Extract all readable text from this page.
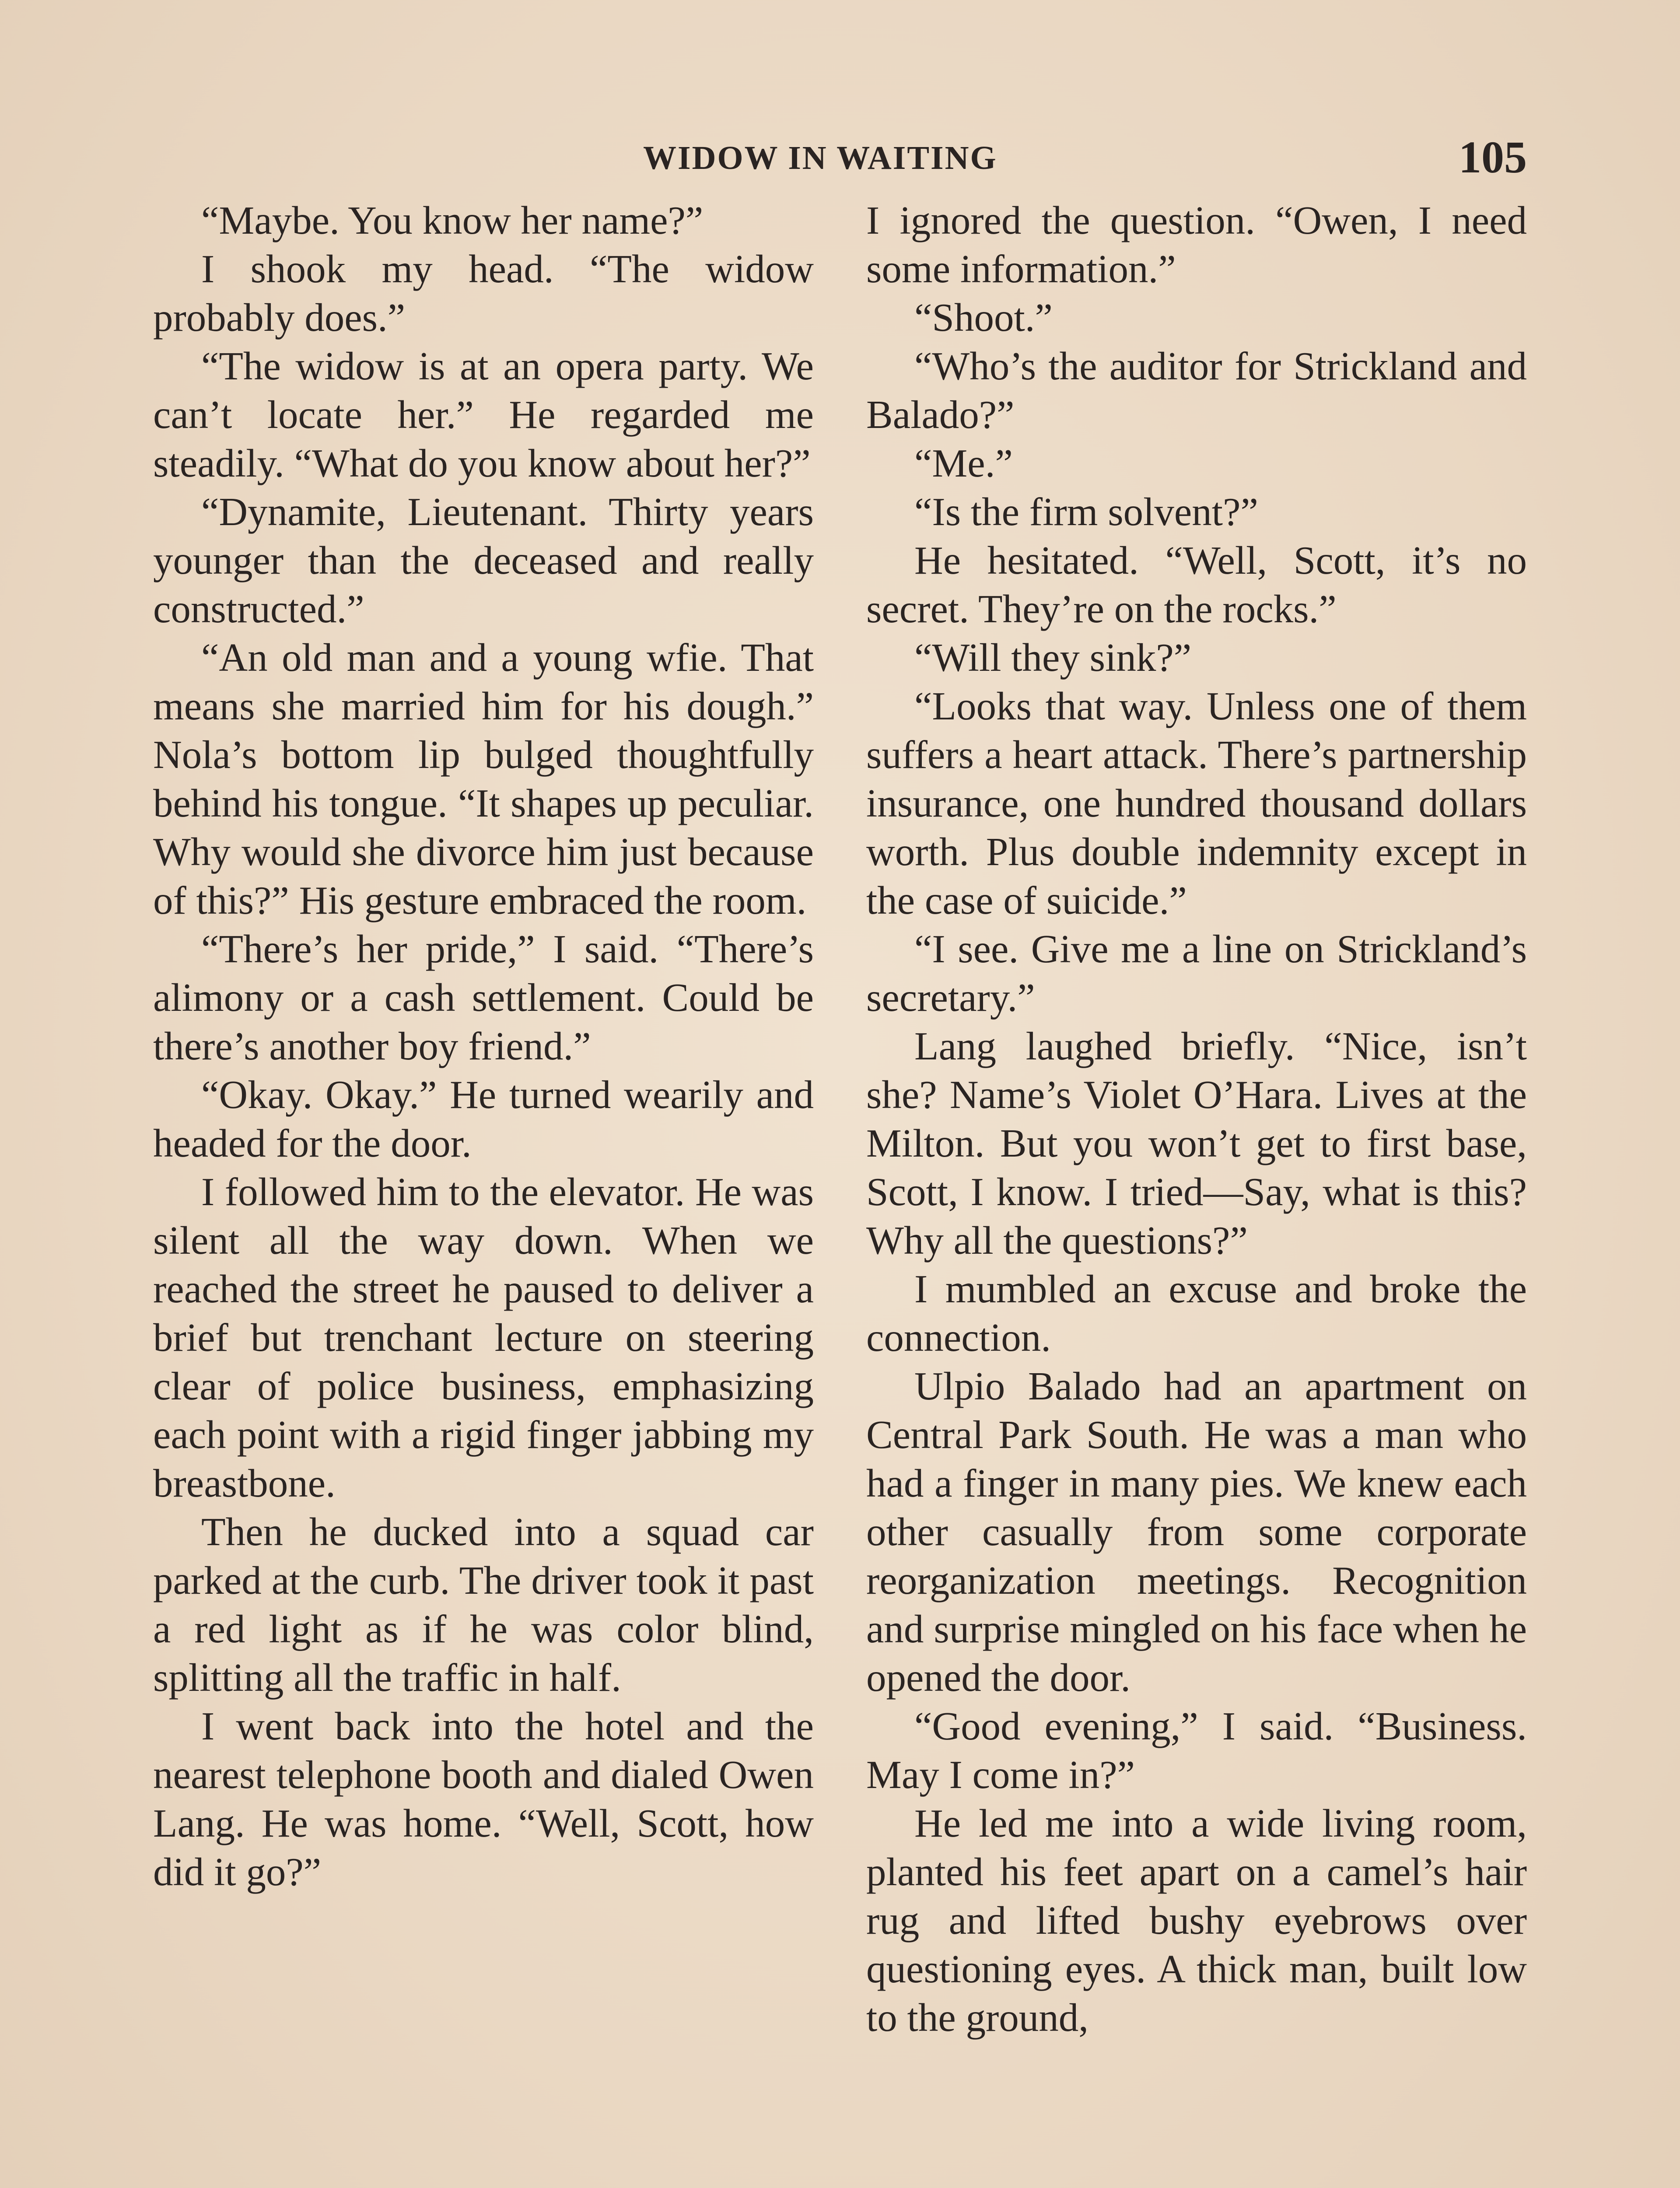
WIDOW IN WAITING	105

“Maybe. You know her name?”

I shook my head. “The widow probably does.”

“The widow is at an opera party. We can’t locate her.” He regarded me steadily. “What do you know about her?”

“Dynamite, Lieutenant. Thirty years younger than the deceased and really constructed.”

“An old man and a young wfie. That means she married him for his dough.” Nola’s bottom lip bulged thoughtfully behind his tongue. “It shapes up peculiar. Why would she divorce him just because of this?” His gesture embraced the room.

“There’s her pride,” I said. “There’s alimony or a cash settlement. Could be there’s another boy friend.”

“Okay. Okay.” He turned wearily and headed for the door.

I followed him to the elevator. He was silent all the way down. When we reached the street he paused to deliver a brief but trenchant lecture on steering clear of police business, emphasizing each point with a rigid finger jabbing my breastbone.

Then he ducked into a squad car parked at the curb. The driver took it past a red light as if he was color blind, splitting all the traffic in half.

I went back into the hotel and the nearest telephone booth and dialed Owen Lang. He was home. “Well, Scott, how did it go?”

I ignored the question. “Owen, I need some information.”

“Shoot.”

“Who’s the auditor for Strickland and Balado?”

“Me.”

“Is the firm solvent?”

He hesitated. “Well, Scott, it’s no secret. They’re on the rocks.”

“Will they sink?”

“Looks that way. Unless one of them suffers a heart attack. There’s partnership insurance, one hundred thousand dollars worth. Plus double indemnity except in the case of suicide.”

“I see. Give me a line on Strickland’s secretary.”

Lang laughed briefly. “Nice, isn’t she? Name’s Violet O’Hara. Lives at the Milton. But you won’t get to first base, Scott, I know. I tried—Say, what is this? Why all the questions?”

I mumbled an excuse and broke the connection.

Ulpio Balado had an apartment on Central Park South. He was a man who had a finger in many pies. We knew each other casually from some corporate reorganization meetings. Recognition and surprise mingled on his face when he opened the door.

“Good evening,” I said. “Business. May I come in?”

He led me into a wide living room, planted his feet apart on a camel’s hair rug and lifted bushy eyebrows over questioning eyes. A thick man, built low to the ground,
